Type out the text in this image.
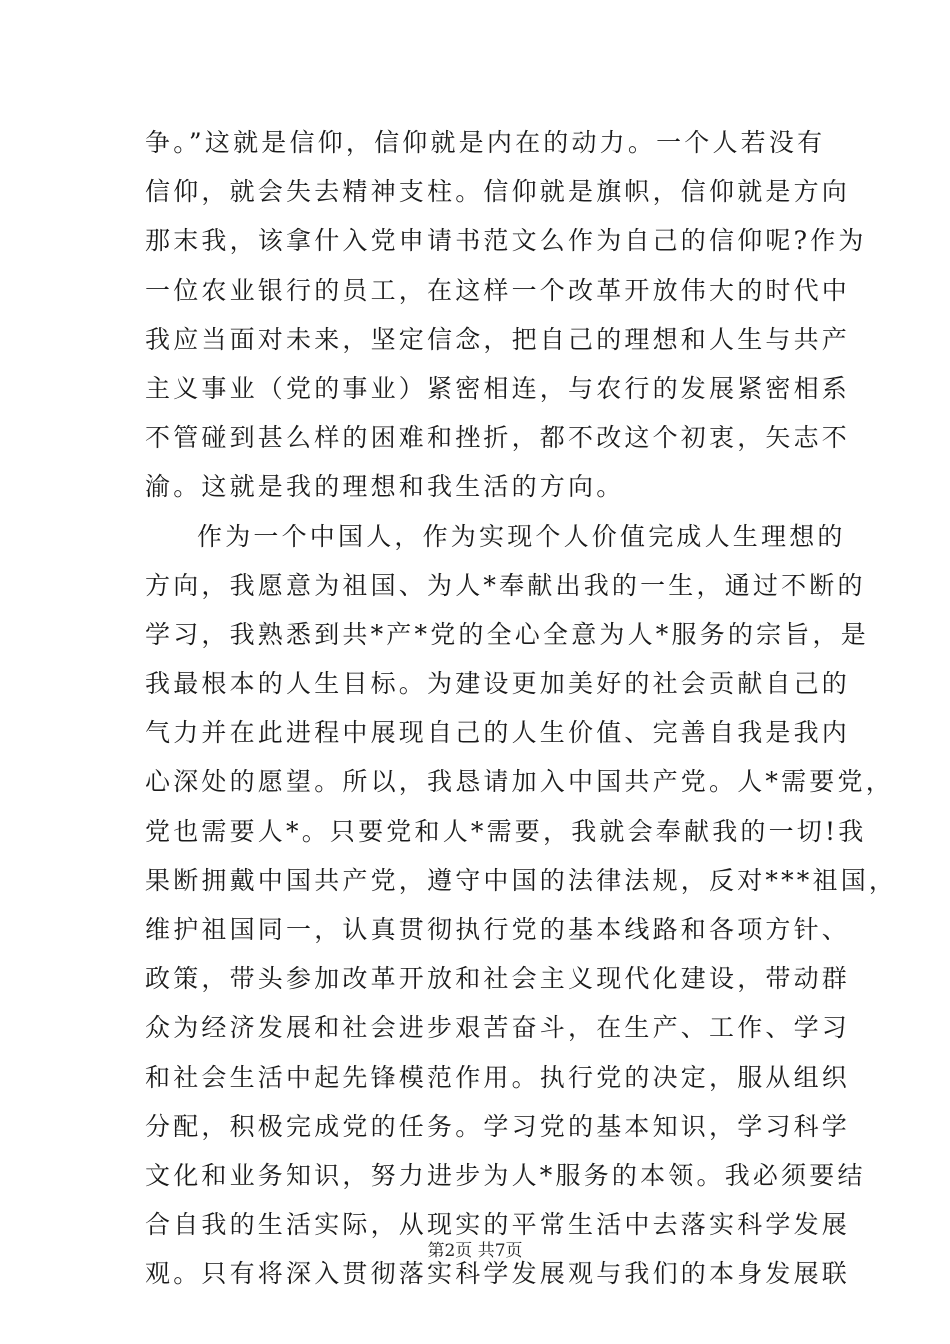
争。”这就是信仰，信仰就是内在的动力。一个人若没有
信仰，就会失去精神支柱。信仰就是旗帜，信仰就是方向
那末我，该拿什入党申请书范文么作为自己的信仰呢?作为
一位农业银行的员工，在这样一个改革开放伟大的时代中
我应当面对未来，坚定信念，把自己的理想和人生与共产
主义事业（党的事业）紧密相连，与农行的发展紧密相系
不管碰到甚么样的困难和挫折，都不改这个初衷，矢志不
渝。这就是我的理想和我生活的方向。
作为一个中国人，作为实现个人价值完成人生理想的
方向，我愿意为祖国、为人*奉献出我的一生，通过不断的
学习，我熟悉到共*产*党的全心全意为人*服务的宗旨，是
我最根本的人生目标。为建设更加美好的社会贡献自己的
气力并在此进程中展现自己的人生价值、完善自我是我内
心深处的愿望。所以，我恳请加入中国共产党。人*需要党，
党也需要人*。只要党和人*需要，我就会奉献我的一切!我
果断拥戴中国共产党，遵守中国的法律法规，反对***祖国，
维护祖国同一，认真贯彻执行党的基本线路和各项方针、
政策，带头参加改革开放和社会主义现代化建设，带动群
众为经济发展和社会进步艰苦奋斗，在生产、工作、学习
和社会生活中起先锋模范作用。执行党的决定，服从组织
分配，积极完成党的任务。学习党的基本知识，学习科学
文化和业务知识，努力进步为人*服务的本领。我必须要结
合自我的生活实际，从现实的平常生活中去落实科学发展
观。只有将深入贯彻落实科学发展观与我们的本身发展联
第2页 共7页
